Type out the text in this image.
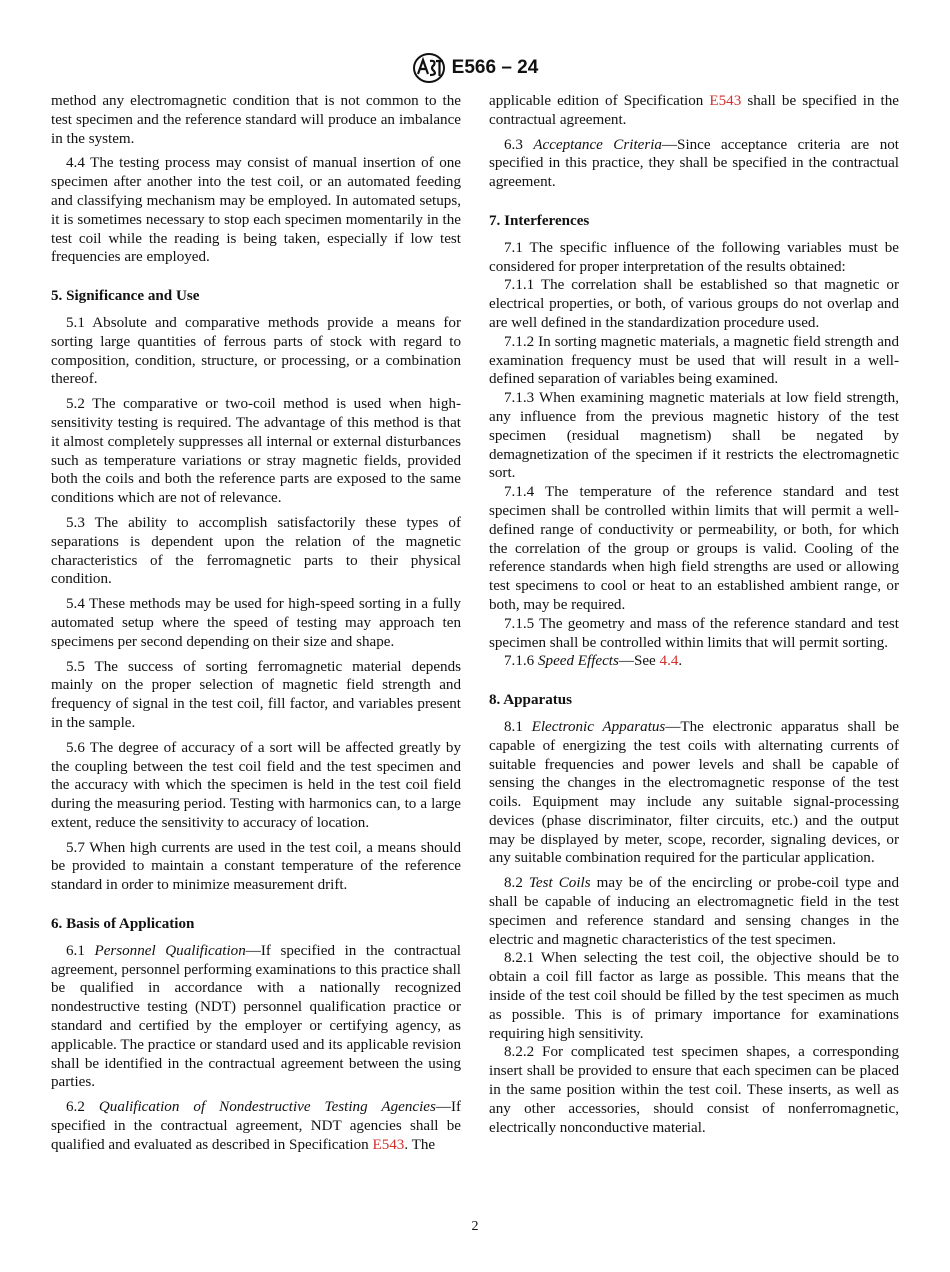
E566 – 24

method any electromagnetic condition that is not common to the test specimen and the reference standard will produce an imbalance in the system.

4.4 The testing process may consist of manual insertion of one specimen after another into the test coil, or an automated feeding and classifying mechanism may be employed. In automated setups, it is sometimes necessary to stop each specimen momentarily in the test coil while the reading is being taken, especially if low test frequencies are employed.

5. Significance and Use

5.1 Absolute and comparative methods provide a means for sorting large quantities of ferrous parts of stock with regard to composition, condition, structure, or processing, or a combination thereof.

5.2 The comparative or two-coil method is used when high-sensitivity testing is required. The advantage of this method is that it almost completely suppresses all internal or external disturbances such as temperature variations or stray magnetic fields, provided both the coils and both the reference parts are exposed to the same conditions which are not of relevance.

5.3 The ability to accomplish satisfactorily these types of separations is dependent upon the relation of the magnetic characteristics of the ferromagnetic parts to their physical condition.

5.4 These methods may be used for high-speed sorting in a fully automated setup where the speed of testing may approach ten specimens per second depending on their size and shape.

5.5 The success of sorting ferromagnetic material depends mainly on the proper selection of magnetic field strength and frequency of signal in the test coil, fill factor, and variables present in the sample.

5.6 The degree of accuracy of a sort will be affected greatly by the coupling between the test coil field and the test specimen and the accuracy with which the specimen is held in the test coil field during the measuring period. Testing with harmonics can, to a large extent, reduce the sensitivity to accuracy of location.

5.7 When high currents are used in the test coil, a means should be provided to maintain a constant temperature of the reference standard in order to minimize measurement drift.

6. Basis of Application

6.1 Personnel Qualification—If specified in the contractual agreement, personnel performing examinations to this practice shall be qualified in accordance with a nationally recognized nondestructive testing (NDT) personnel qualification practice or standard and certified by the employer or certifying agency, as applicable. The practice or standard used and its applicable revision shall be identified in the contractual agreement between the using parties.

6.2 Qualification of Nondestructive Testing Agencies—If specified in the contractual agreement, NDT agencies shall be qualified and evaluated as described in Specification E543. The

applicable edition of Specification E543 shall be specified in the contractual agreement.

6.3 Acceptance Criteria—Since acceptance criteria are not specified in this practice, they shall be specified in the contractual agreement.

7. Interferences

7.1 The specific influence of the following variables must be considered for proper interpretation of the results obtained:

7.1.1 The correlation shall be established so that magnetic or electrical properties, or both, of various groups do not overlap and are well defined in the standardization procedure used.

7.1.2 In sorting magnetic materials, a magnetic field strength and examination frequency must be used that will result in a well-defined separation of variables being examined.

7.1.3 When examining magnetic materials at low field strength, any influence from the previous magnetic history of the test specimen (residual magnetism) shall be negated by demagnetization of the specimen if it restricts the electromagnetic sort.

7.1.4 The temperature of the reference standard and test specimen shall be controlled within limits that will permit a well-defined range of conductivity or permeability, or both, for which the correlation of the group or groups is valid. Cooling of the reference standards when high field strengths are used or allowing test specimens to cool or heat to an established ambient range, or both, may be required.

7.1.5 The geometry and mass of the reference standard and test specimen shall be controlled within limits that will permit sorting.

7.1.6 Speed Effects—See 4.4.

8. Apparatus

8.1 Electronic Apparatus—The electronic apparatus shall be capable of energizing the test coils with alternating currents of suitable frequencies and power levels and shall be capable of sensing the changes in the electromagnetic response of the test coils. Equipment may include any suitable signal-processing devices (phase discriminator, filter circuits, etc.) and the output may be displayed by meter, scope, recorder, signaling devices, or any suitable combination required for the particular application.

8.2 Test Coils may be of the encircling or probe-coil type and shall be capable of inducing an electromagnetic field in the test specimen and reference standard and sensing changes in the electric and magnetic characteristics of the test specimen.

8.2.1 When selecting the test coil, the objective should be to obtain a coil fill factor as large as possible. This means that the inside of the test coil should be filled by the test specimen as much as possible. This is of primary importance for examinations requiring high sensitivity.

8.2.2 For complicated test specimen shapes, a corresponding insert shall be provided to ensure that each specimen can be placed in the same position within the test coil. These inserts, as well as any other accessories, should consist of nonferromagnetic, electrically nonconductive material.

2
